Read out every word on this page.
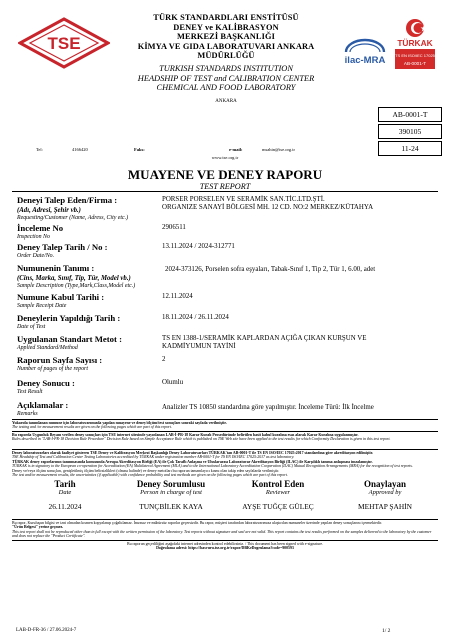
TSE
TÜRK STANDARDLARI ENSTİTÜSÜ
DENEY ve KALİBRASYON
MERKEZİ BAŞKANLIĞI
KİMYA VE GIDA LABORATUVARI ANKARA
MÜDÜRLÜĞÜ
TURKISH STANDARDS INSTITUTION
HEADSHIP OF TEST and CALIBRATION CENTER
CHEMICAL AND FOOD LABORATORY
ANKARA
ilac-MRA
TÜRKAK
TS EN ISO/IEC 17025
AB-0001-T
AB-0001-T
390105
11-24
Tel:	4166420	Faks:	e-mail:	msahin@tse.org.tr
www.tse.org.tr
MUAYENE VE DENEY RAPORU
TEST REPORT
Deneyi Talep Eden/Firma :
(Adı, Adresi, Şehir vb.)
Requesting/Customer (Name, Adress, City etc.)
PORSER PORSELEN VE SERAMİK SAN.TİC.LTD.ŞTİ.
ORGANIZE SANAYİ BÖLGESİ MH. 12 CD. NO:2 MERKEZ/KÜTAHYA
İnceleme No
Inspection No
2906511
Deney Talep Tarih / No :
Order Date/No.
13.11.2024 / 2024-312771
Numunenin Tanımı :
(Cins, Marka, Sınıf, Tip, Tür, Model vb.)
Sample Description (Type,Mark,Class,Model etc.)
2024-373126, Porselen sofra eşyaları, Tabak-Sınıf 1, Tip 2, Tür 1, 6.00, adet
Numune Kabul Tarihi :
Sample Receipt Date
12.11.2024
Deneylerin Yapıldığı Tarih :
Date of Test
18.11.2024 / 26.11.2024
Uygulanan Standart Metot :
Applied Standard/Method
TS EN 1388-1/SERAMİK KAPLARDAN AÇIĞA ÇIKAN KURŞUN VE
KADMİYUMUN TAYİNİ
Raporun Sayfa Sayısı :
Number of pages of the report
2
Deney Sonucu :
Test Result
Olumlu
Açıklamalar :
Remarks
Analizler TS 10850 standardına göre yapılmıştır. İnceleme Türü: İlk İncelme
Yukarıda tanımlanan numune için laboratuvarımızda yapılan muayene ve deney/ölçüm/test sonuçları sonraki sayfada verilmiştir.
The testing and /or measurement results are given on the following pages which are part of this report.
Bu raporda Uygunluk Beyanı verilen deney sonuçları için TSE internet sitesinde yayınlanan LAB-İ-PR-18 Karar Kuralı Prosedüründe belirtilen basit kabul kuralına esas alarak Karar Kuralına uygulanmıştır.
Rules described in "LAB-İ-PR-18 Decision Rule Procedure" Decision Rule based on Simple Acceptance Rule which is published on TSE Web site have been applied to the test results for which Conformity Declaration is given in this test report.
Deney laboratuvarları olarak faaliyet gösteren TSE Deney ve Kalibrasyon Merkezi Başkanlığı Deney Laboratuvarları TÜRKAK'tan AB-0001-T ile TS EN ISO/IEC 17025:2017 standardına göre akreditasyon edilmiştir.
TSE Headship of Test and Calibration Center Testing Laboratories accredited by TÜRKAK under registration number AB-0001-T for TS EN ISO/IEC 17025:2017 as test laboratory.
TÜRKAK deney raporlarının tanınmasında konusunda Avrupa Akreditasyon Birliği (EA) ile Çok Taraflı Anlaşma ve Uluslararası Laboratuvar Akreditasyon Birliği (ILAC) ile Karşılıklı tanıma anlaşması imzalamıştır.
TÜRKAK is in signatory to the European co-operation for Accreditation (EA) Multilateral Agreement (MLA) and to the International Laboratory Accreditation Cooperation (ILAC) Mutual Recognition Arrangements (MRA) for the recognition of test reports.
Deney ve/veya ölçüm sonuçları, genişletilmiş ölçüm belirsizlikleri (olması halinde) ve deney metotları bu raporun tamamlayıcı kısmı olan takip eden sayfalarda verilmiştir.
The test and/or measurement results, the uncertainties (if applicable) with confidence probability and test methods are given on the following pages which are part of this report.
Tarih
Date
26.11.2024
Deney Sorumlusu
Person in charge of test
TUNÇBİLEK KAYA
Kontrol Eden
Reviewer
AYŞE TUĞÇE GÜLEÇ
Onaylayan
Approved by
MEHTAP ŞAHİN
Bu rapor, Kuruluşun bilgisi ve izni olmadan kısmen kopyalanıp çoğaltılamaz. İmzasız ve mühürsüz raporlar geçersizdir. Bu rapor, müşteri tarafından laboratuvarımıza ulaştırılan numuneler üzerinde yapılan deney sonuçlarını içermektedir.
"Ürün Belgesi" yerine geçmez.
This test report shall not be reproduced other than in full except with the written permission of the laboratory. Test reports without signature and seal are not valid. This report contains the test results performed on the samples delivered to the laboratory by the customer and does not replace the "Product Certificate".
Bu raporun geçerliliğini aşağıdaki internet adresinden kontrol edebilirsiniz. / This document has been signed with e-signature.
Doğrulama adresi: https://basvuru.tse.org.tr/rapor/DBKeDogrulama?code=900593
LAB-D-FR-36 / 27.06.2024-7	1/ 2
